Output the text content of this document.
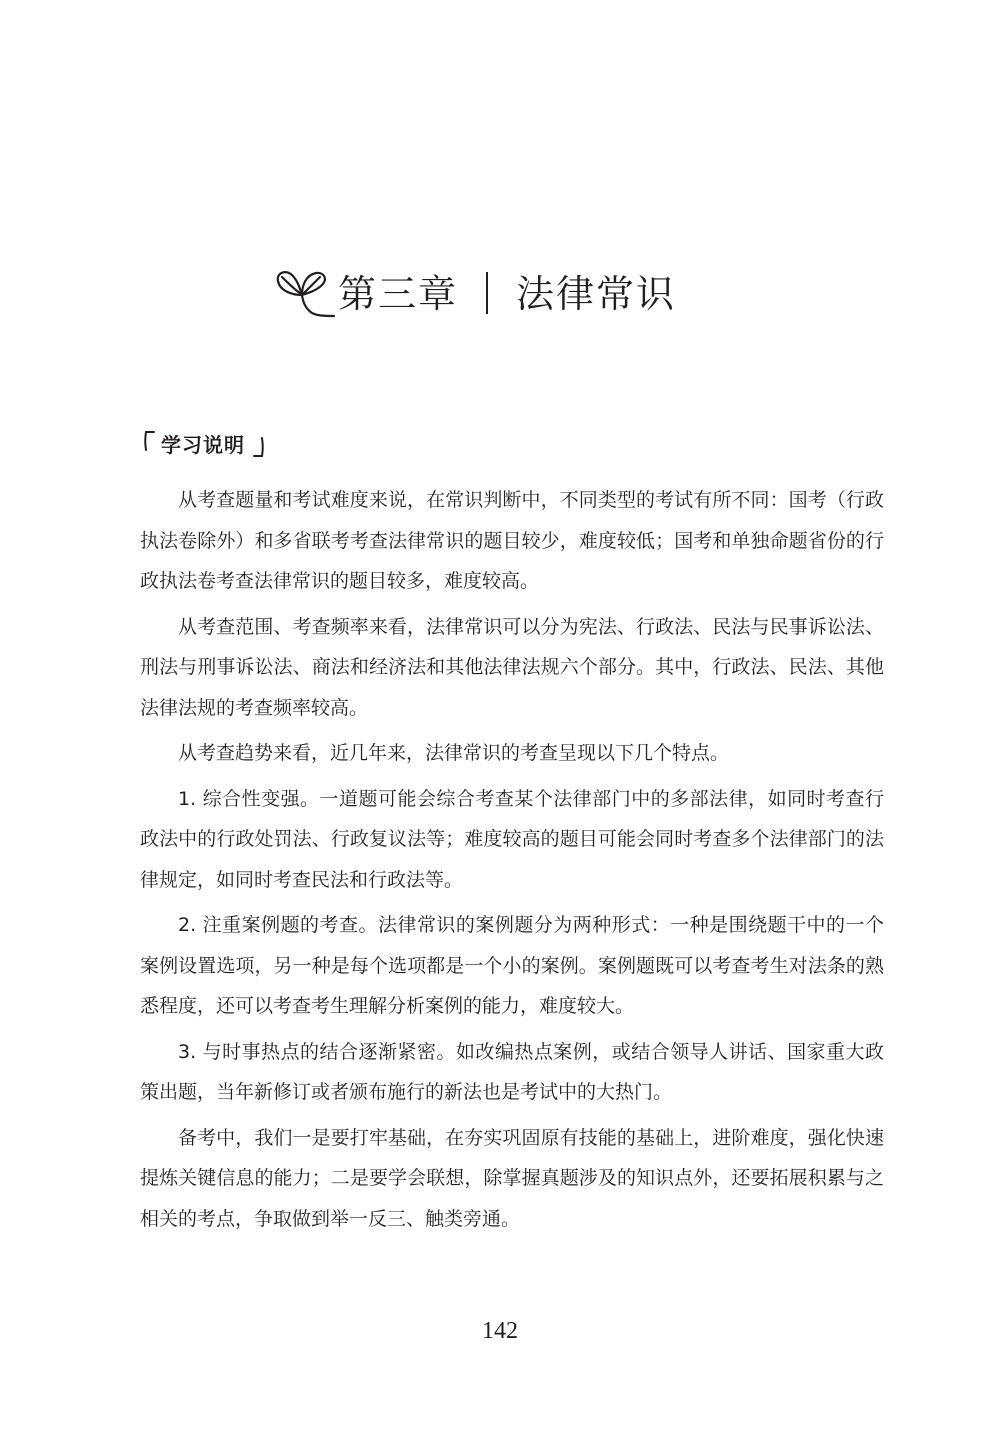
第三章 法律常识
学习说明

从考查题量和考试难度来说，在常识判断中，不同类型的考试有所不同：国考（行政执法卷除外）和多省联考考查法律常识的题目较少，难度较低；国考和单独命题省份的行政执法卷考查法律常识的题目较多，难度较高。

从考查范围、考查频率来看，法律常识可以分为宪法、行政法、民法与民事诉讼法、刑法与刑事诉讼法、商法和经济法和其他法律法规六个部分。其中，行政法、民法、其他法律法规的考查频率较高。

从考查趋势来看，近几年来，法律常识的考查呈现以下几个特点。

1. 综合性变强。一道题可能会综合考查某个法律部门中的多部法律，如同时考查行政法中的行政处罚法、行政复议法等；难度较高的题目可能会同时考查多个法律部门的法律规定，如同时考查民法和行政法等。

2. 注重案例题的考查。法律常识的案例题分为两种形式：一种是围绕题干中的一个案例设置选项，另一种是每个选项都是一个小的案例。案例题既可以考查考生对法条的熟悉程度，还可以考查考生理解分析案例的能力，难度较大。

3. 与时事热点的结合逐渐紧密。如改编热点案例，或结合领导人讲话、国家重大政策出题，当年新修订或者颁布施行的新法也是考试中的大热门。

备考中，我们一是要打牢基础，在夯实巩固原有技能的基础上，进阶难度，强化快速提炼关键信息的能力；二是要学会联想，除掌握真题涉及的知识点外，还要拓展积累与之相关的考点，争取做到举一反三、触类旁通。

142
